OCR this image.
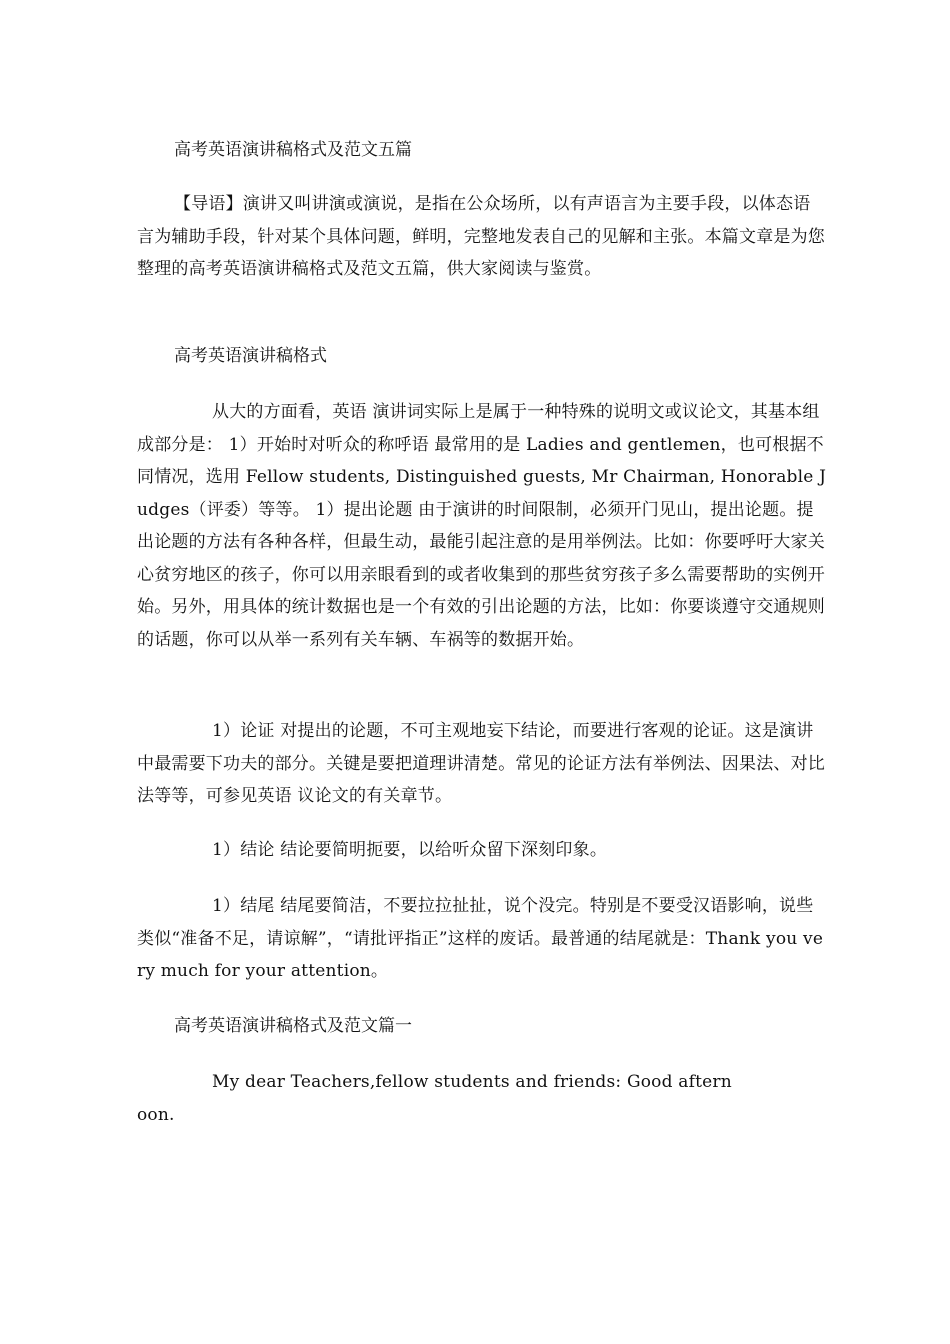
高考英语演讲稿格式及范文五篇

【导语】演讲又叫讲演或演说，是指在公众场所，以有声语言为主要手段，以体态语言为辅助手段，针对某个具体问题，鲜明，完整地发表自己的见解和主张。本篇文章是为您整理的高考英语演讲稿格式及范文五篇，供大家阅读与鉴赏。

高考英语演讲稿格式

从大的方面看，英语 演讲词实际上是属于一种特殊的说明文或议论文，其基本组成部分是： 1）开始时对听众的称呼语 最常用的是 Ladies and gentlemen，也可根据不同情况，选用 Fellow students, Distinguished guests, Mr Chairman, Honorable Judges（评委）等等。 1）提出论题 由于演讲的时间限制，必须开门见山，提出论题。提出论题的方法有各种各样，但最生动，最能引起注意的是用举例法。比如：你要呼吁大家关心贫穷地区的孩子，你可以用亲眼看到的或者收集到的那些贫穷孩子多么需要帮助的实例开始。另外，用具体的统计数据也是一个有效的引出论题的方法，比如：你要谈遵守交通规则的话题，你可以从举一系列有关车辆、车祸等的数据开始。

1）论证 对提出的论题，不可主观地妄下结论，而要进行客观的论证。这是演讲中最需要下功夫的部分。关键是要把道理讲清楚。常见的论证方法有举例法、因果法、对比法等等，可参见英语 议论文的有关章节。

1）结论 结论要简明扼要，以给听众留下深刻印象。

1）结尾 结尾要简洁，不要拉拉扯扯，说个没完。特别是不要受汉语影响，说些类似“准备不足，请谅解”，“请批评指正”这样的废话。最普通的结尾就是：Thank you very much for your attention。

高考英语演讲稿格式及范文篇一

My dear Teachers,fellow students and friends: Good afternoon.
